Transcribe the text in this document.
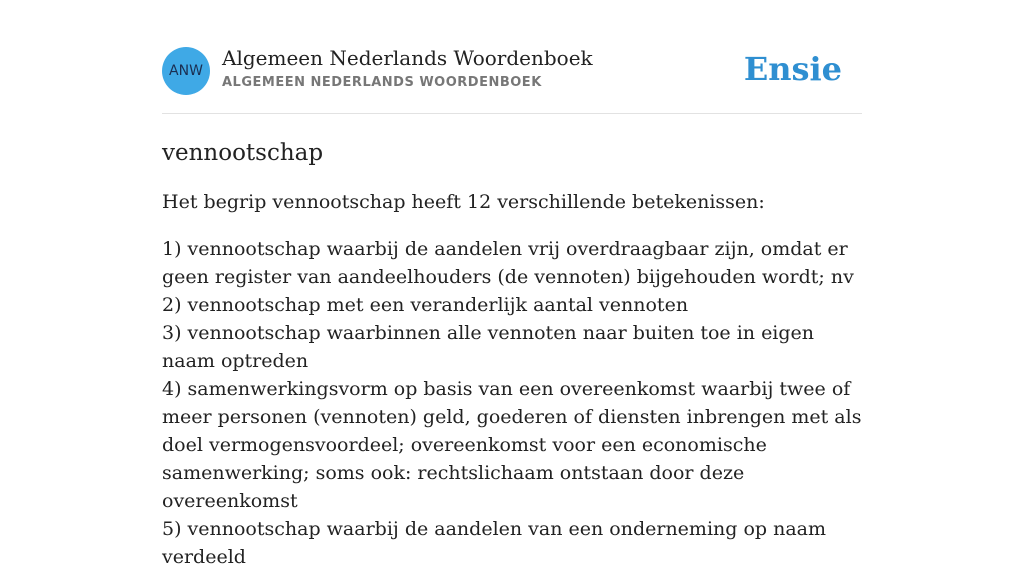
ANW
Algemeen Nederlands Woordenboek
ALGEMEEN NEDERLANDS WOORDENBOEK	Ensie
vennootschap

Het begrip vennootschap heeft 12 verschillende betekenissen:

1) vennootschap waarbij de aandelen vrij overdraagbaar zijn, omdat er geen register van aandeelhouders (de vennoten) bijgehouden wordt; nv
2) vennootschap met een veranderlijk aantal vennoten
3) vennootschap waarbinnen alle vennoten naar buiten toe in eigen naam optreden
4) samenwerkingsvorm op basis van een overeenkomst waarbij twee of meer personen (vennoten) geld, goederen of diensten inbrengen met als doel vermogensvoordeel; overeenkomst voor een economische samenwerking; soms ook: rechtslichaam ontstaan door deze overeenkomst
5) vennootschap waarbij de aandelen van een onderneming op naam verdeeld
